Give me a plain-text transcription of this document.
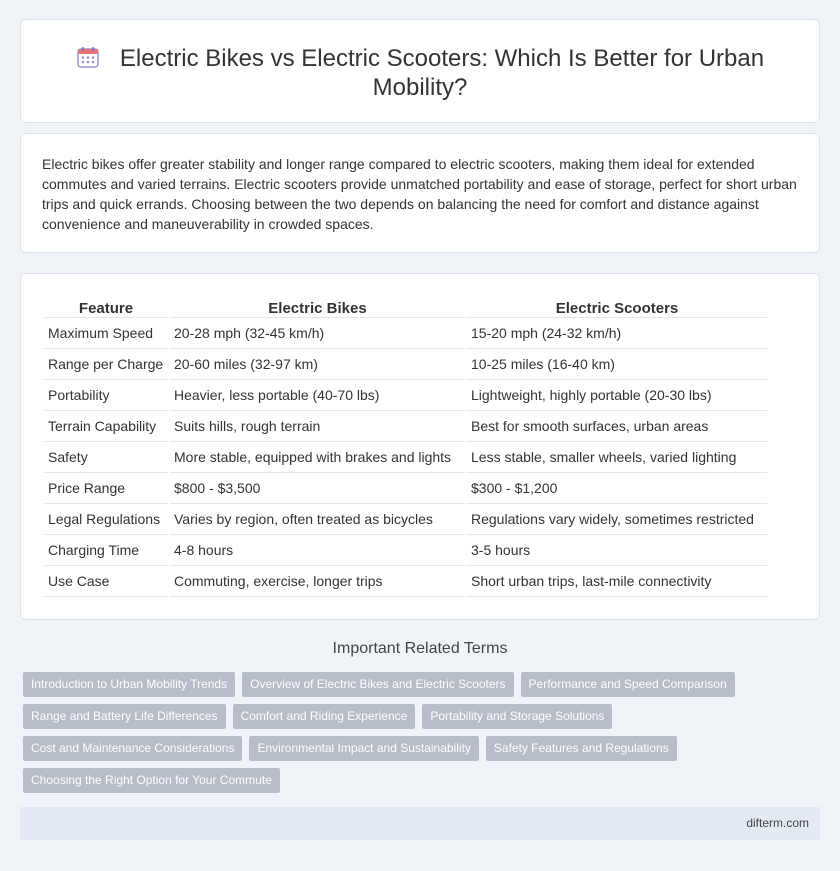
Electric Bikes vs Electric Scooters: Which Is Better for Urban Mobility?

Electric bikes offer greater stability and longer range compared to electric scooters, making them ideal for extended commutes and varied terrains. Electric scooters provide unmatched portability and ease of storage, perfect for short urban trips and quick errands. Choosing between the two depends on balancing the need for comfort and distance against convenience and maneuverability in crowded spaces.

Feature	Electric Bikes	Electric Scooters
Maximum Speed	20-28 mph (32-45 km/h)	15-20 mph (24-32 km/h)
Range per Charge	20-60 miles (32-97 km)	10-25 miles (16-40 km)
Portability	Heavier, less portable (40-70 lbs)	Lightweight, highly portable (20-30 lbs)
Terrain Capability	Suits hills, rough terrain	Best for smooth surfaces, urban areas
Safety	More stable, equipped with brakes and lights	Less stable, smaller wheels, varied lighting
Price Range	$800 - $3,500	$300 - $1,200
Legal Regulations	Varies by region, often treated as bicycles	Regulations vary widely, sometimes restricted
Charging Time	4-8 hours	3-5 hours
Use Case	Commuting, exercise, longer trips	Short urban trips, last-mile connectivity
Important Related Terms
Introduction to Urban Mobility Trends	Overview of Electric Bikes and Electric Scooters	Performance and Speed Comparison
Range and Battery Life Differences	Comfort and Riding Experience	Portability and Storage Solutions
Cost and Maintenance Considerations	Environmental Impact and Sustainability	Safety Features and Regulations
Choosing the Right Option for Your Commute
difterm.com
